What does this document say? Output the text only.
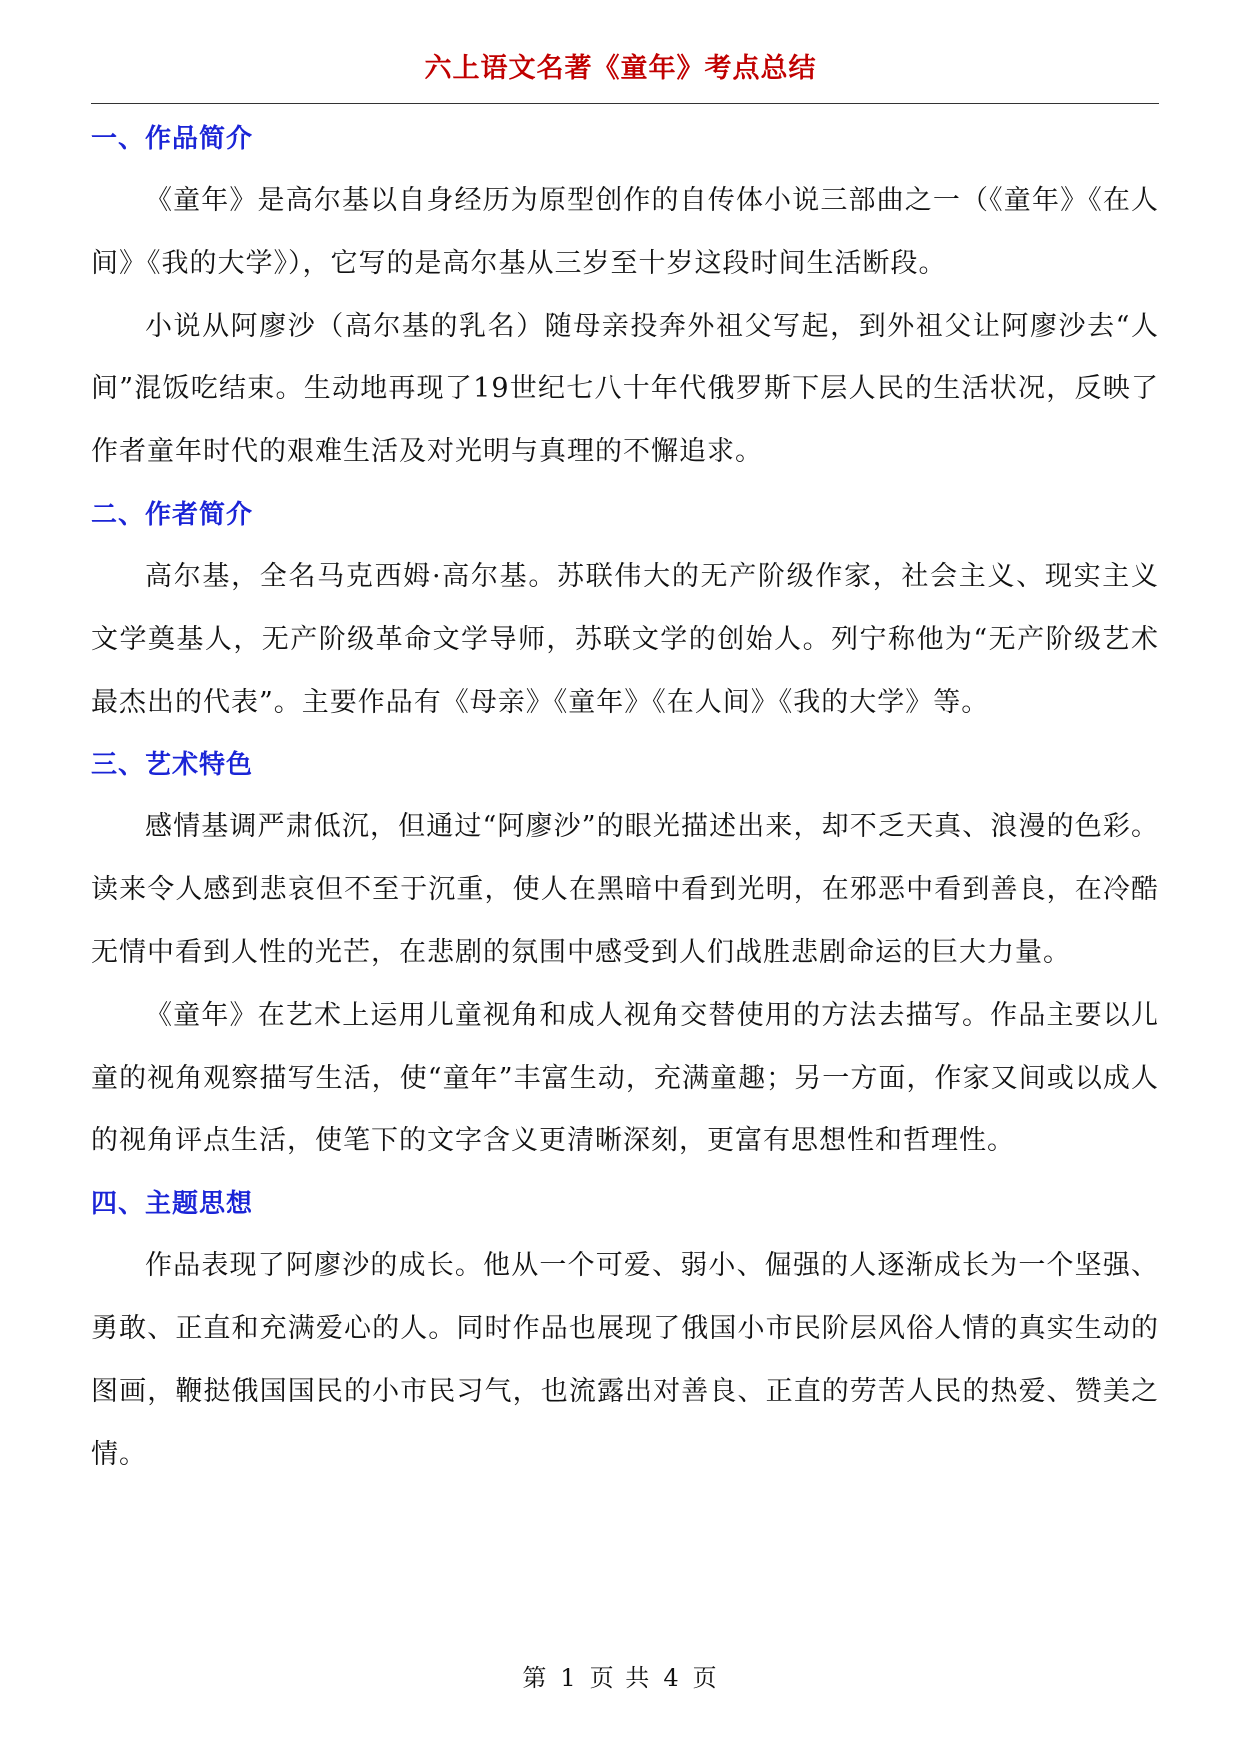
六上语文名著《童年》考点总结
一、作品简介

《童年》是高尔基以自身经历为原型创作的自传体小说三部曲之一（《童年》《在人间》《我的大学》），它写的是高尔基从三岁至十岁这段时间生活断段。

小说从阿廖沙（高尔基的乳名）随母亲投奔外祖父写起，到外祖父让阿廖沙去“人间”混饭吃结束。生动地再现了19世纪七八十年代俄罗斯下层人民的生活状况，反映了作者童年时代的艰难生活及对光明与真理的不懈追求。

二、作者简介

高尔基，全名马克西姆·高尔基。苏联伟大的无产阶级作家，社会主义、现实主义文学奠基人，无产阶级革命文学导师，苏联文学的创始人。列宁称他为“无产阶级艺术最杰出的代表”。主要作品有《母亲》《童年》《在人间》《我的大学》等。

三、艺术特色

感情基调严肃低沉，但通过“阿廖沙”的眼光描述出来，却不乏天真、浪漫的色彩。读来令人感到悲哀但不至于沉重，使人在黑暗中看到光明，在邪恶中看到善良，在冷酷无情中看到人性的光芒，在悲剧的氛围中感受到人们战胜悲剧命运的巨大力量。

《童年》在艺术上运用儿童视角和成人视角交替使用的方法去描写。作品主要以儿童的视角观察描写生活，使“童年”丰富生动，充满童趣；另一方面，作家又间或以成人的视角评点生活，使笔下的文字含义更清晰深刻，更富有思想性和哲理性。

四、主题思想

作品表现了阿廖沙的成长。他从一个可爱、弱小、倔强的人逐渐成长为一个坚强、勇敢、正直和充满爱心的人。同时作品也展现了俄国小市民阶层风俗人情的真实生动的图画，鞭挞俄国国民的小市民习气，也流露出对善良、正直的劳苦人民的热爱、赞美之情。

第 1 页 共 4 页
